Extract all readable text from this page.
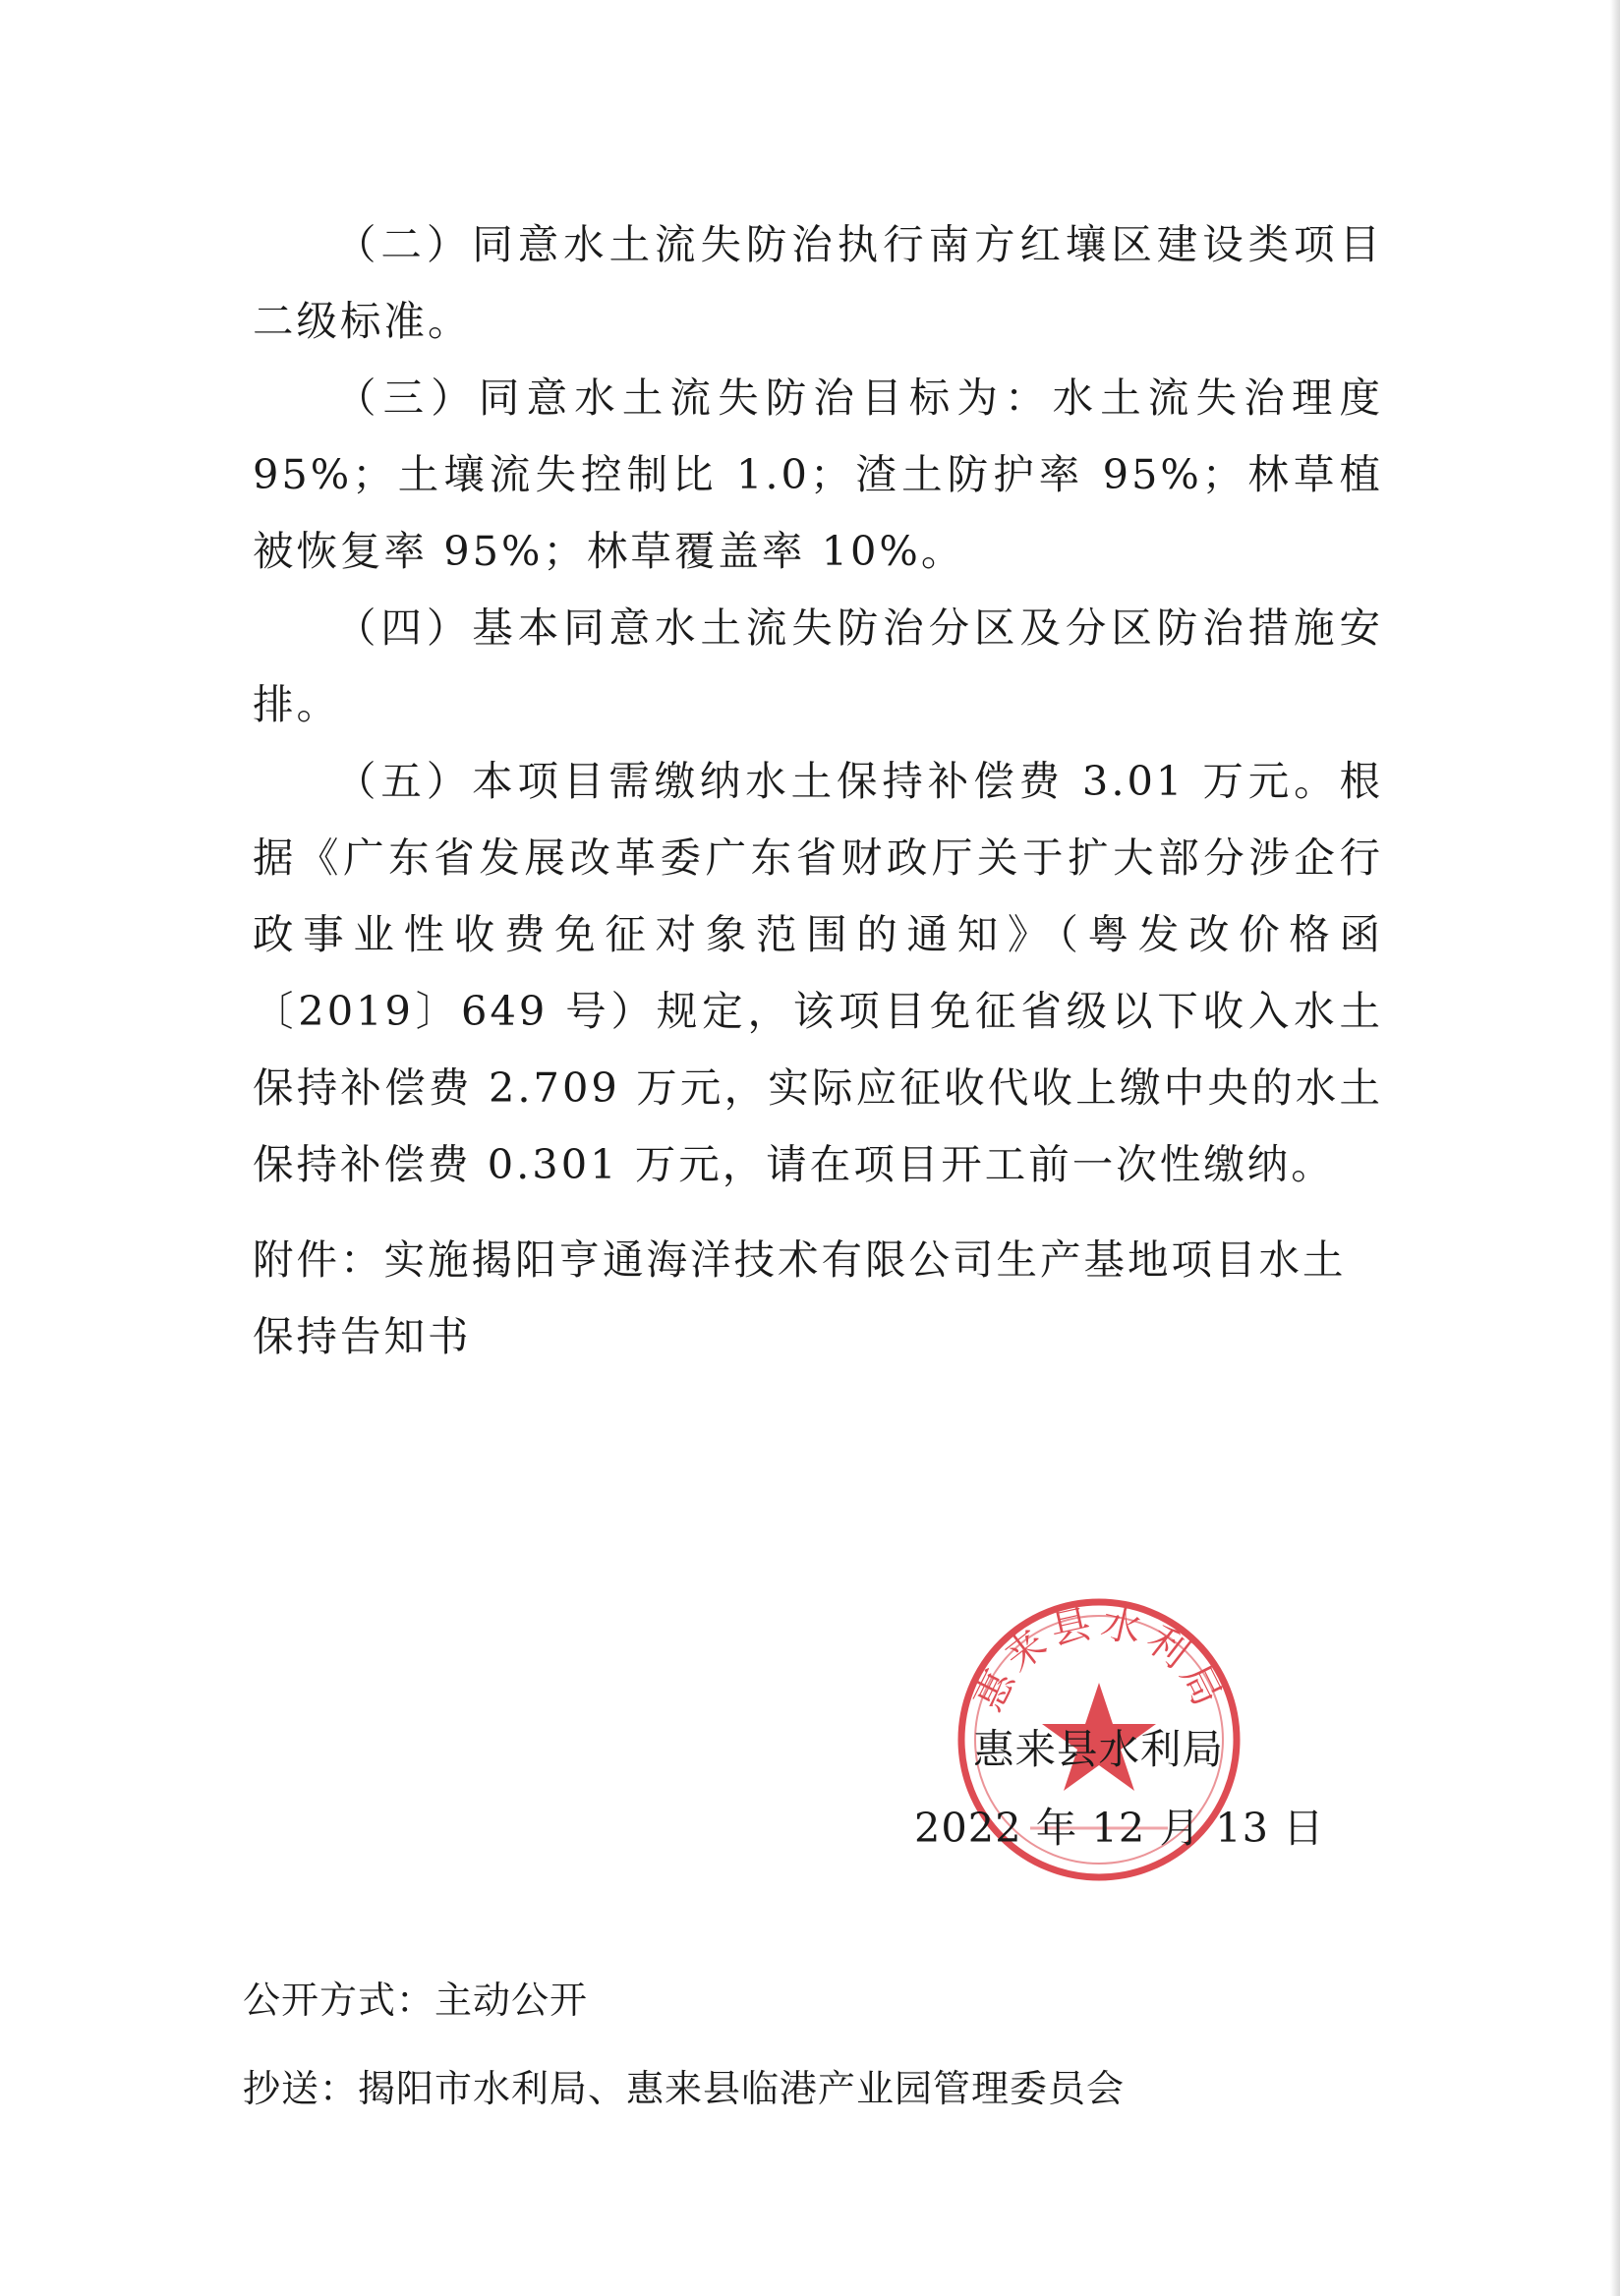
（二）同意水土流失防治执行南方红壤区建设类项目二级标准。

（三）同意水土流失防治目标为：水土流失治理度95%；土壤流失控制比 1.0；渣土防护率 95%；林草植被恢复率 95%；林草覆盖率 10%。

（四）基本同意水土流失防治分区及分区防治措施安排。

（五）本项目需缴纳水土保持补偿费 3.01 万元。根据《广东省发展改革委广东省财政厅关于扩大部分涉企行政事业性收费免征对象范围的通知》（粤发改价格函〔2019〕649 号）规定，该项目免征省级以下收入水土保持补偿费 2.709 万元，实际应征收代收上缴中央的水土保持补偿费 0.301 万元，请在项目开工前一次性缴纳。

附件：实施揭阳亨通海洋技术有限公司生产基地项目水土

保持告知书

惠来县水利局
惠来县水利局
2022 年 12 月 13 日

公开方式：主动公开

抄送：揭阳市水利局、惠来县临港产业园管理委员会
